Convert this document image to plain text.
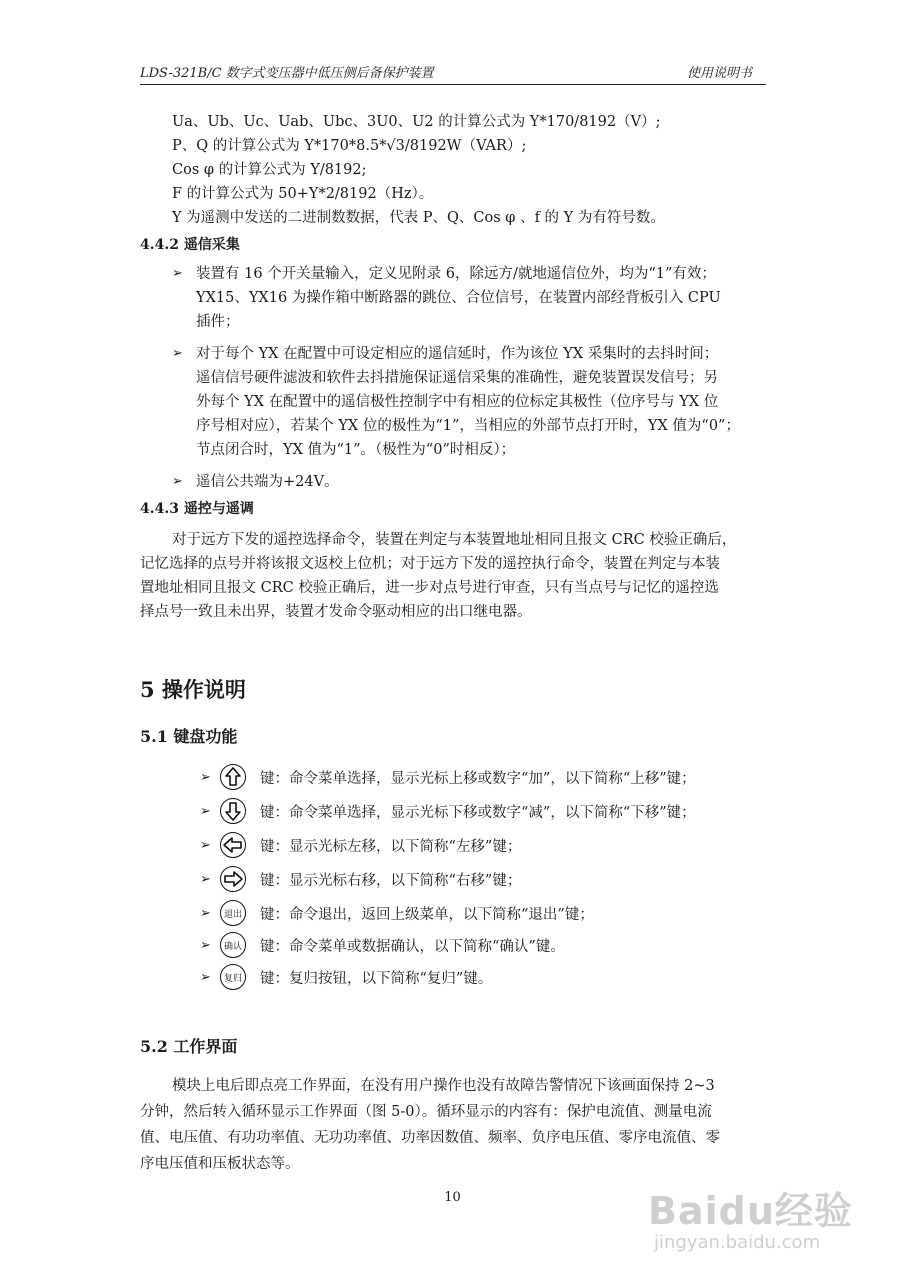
LDS-321B/C 数字式变压器中低压侧后备保护装置	使用说明书
Ua、Ub、Uc、Uab、Ubc、3U0、U2 的计算公式为 Y*170/8192（V）;
P、Q 的计算公式为 Y*170*8.5*√3/8192W（VAR）;
Cos φ 的计算公式为 Y/8192;
F 的计算公式为 50+Y*2/8192（Hz）。
Y 为遥测中发送的二进制数数据，代表 P、Q、Cos φ 、f 的 Y 为有符号数。
4.4.2 遥信采集
➢ 装置有 16 个开关量输入，定义见附录 6，除远方/就地遥信位外，均为“1”有效；
YX15、YX16 为操作箱中断路器的跳位、合位信号，在装置内部经背板引入 CPU
插件；
➢ 对于每个 YX 在配置中可设定相应的遥信延时，作为该位 YX 采集时的去抖时间；
遥信信号硬件滤波和软件去抖措施保证遥信采集的准确性，避免装置误发信号；另
外每个 YX 在配置中的遥信极性控制字中有相应的位标定其极性（位序号与 YX 位
序号相对应），若某个 YX 位的极性为“1”，当相应的外部节点打开时，YX 值为“0”；
节点闭合时，YX 值为“1”。（极性为“0”时相反）；
➢ 遥信公共端为+24V。
4.4.3 遥控与遥调
对于远方下发的遥控选择命令，装置在判定与本装置地址相同且报文 CRC 校验正确后，
记忆选择的点号并将该报文返校上位机；对于远方下发的遥控执行命令，装置在判定与本装
置地址相同且报文 CRC 校验正确后，进一步对点号进行审查，只有当点号与记忆的遥控选
择点号一致且未出界，装置才发命令驱动相应的出口继电器。
5 操作说明
5.1 键盘功能
➢	键：命令菜单选择，显示光标上移或数字“加”，以下简称“上移”键；
➢	键：命令菜单选择，显示光标下移或数字“减”，以下简称“下移”键；
➢	键：显示光标左移，以下简称“左移”键；
➢	键：显示光标右移，以下简称“右移”键；
➢	退出 键：命令退出，返回上级菜单，以下简称“退出”键；
➢	确认 键：命令菜单或数据确认，以下简称“确认”键。
➢	复归 键：复归按钮，以下简称“复归”键。
5.2 工作界面
模块上电后即点亮工作界面，在没有用户操作也没有故障告警情况下该画面保持 2~3
分钟，然后转入循环显示工作界面（图 5-0）。循环显示的内容有：保护电流值、测量电流
值、电压值、有功功率值、无功功率值、功率因数值、频率、负序电压值、零序电流值、零
序电压值和压板状态等。
10	Baidu经验
jingyan.baidu.com
